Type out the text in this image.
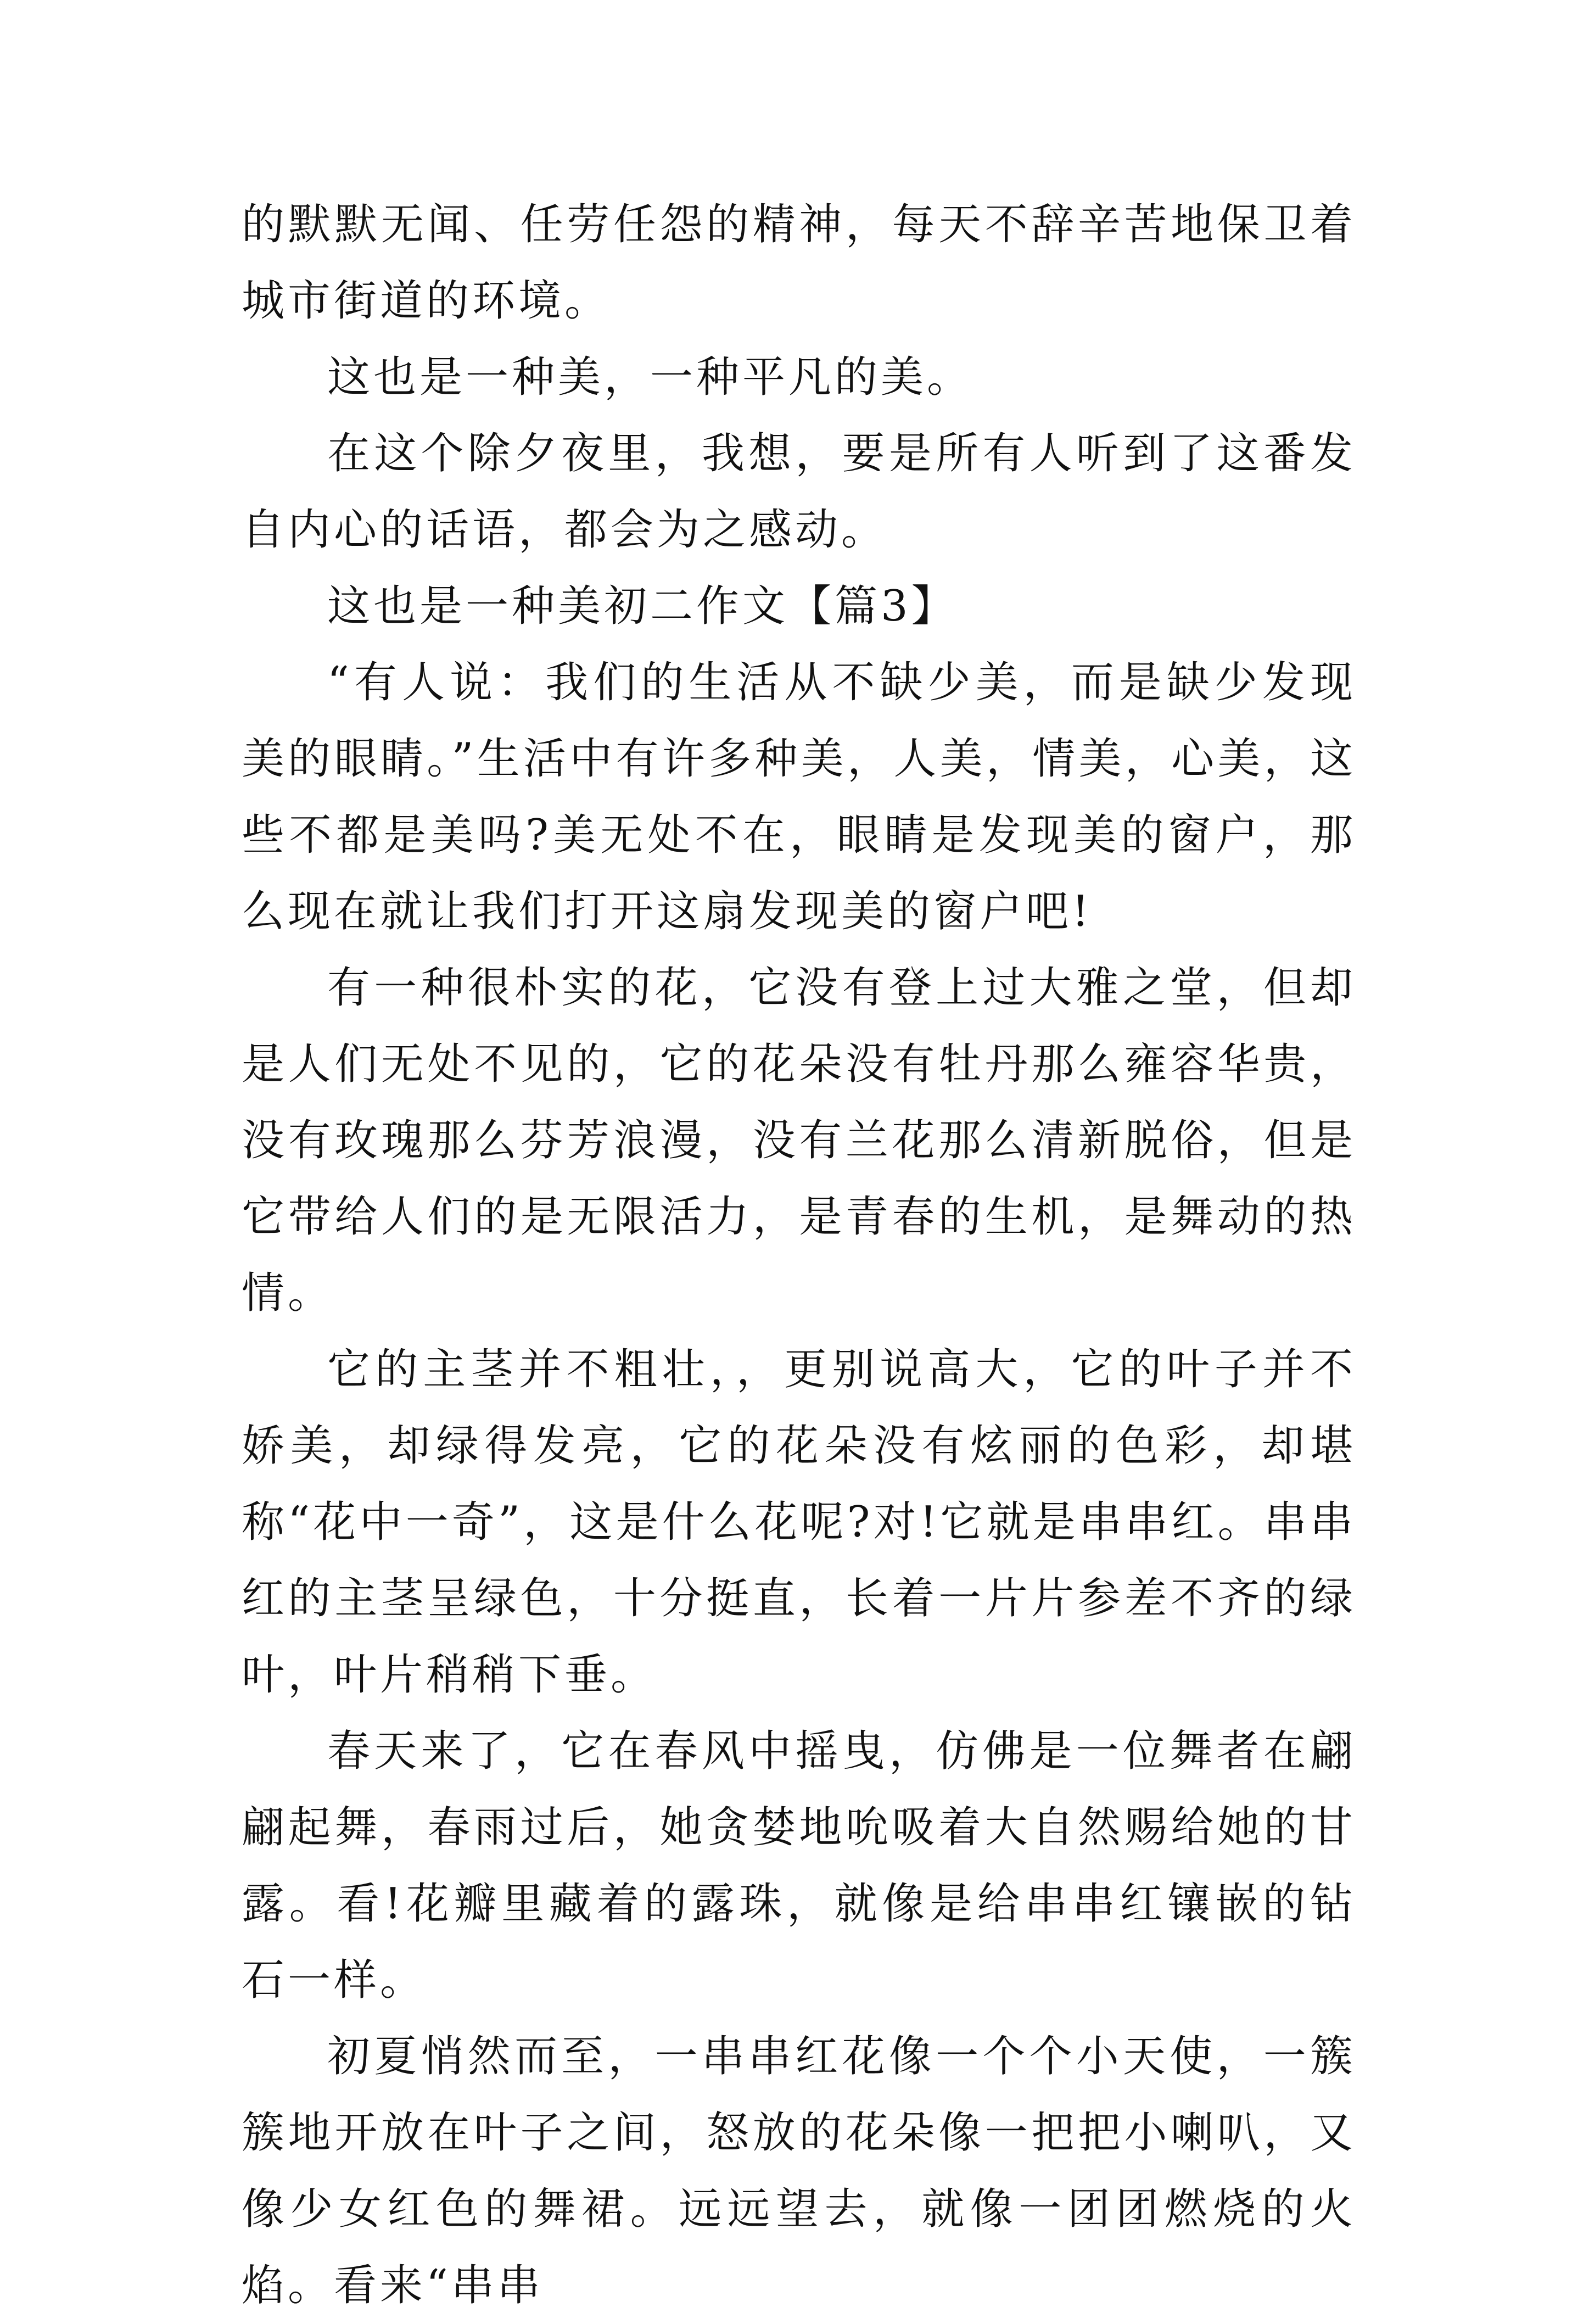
的默默无闻、任劳任怨的精神，每天不辞辛苦地保卫着城市街道的环境。

这也是一种美，一种平凡的美。

在这个除夕夜里，我想，要是所有人听到了这番发自内心的话语，都会为之感动。

这也是一种美初二作文【篇3】

“有人说：我们的生活从不缺少美，而是缺少发现美的眼睛。”生活中有许多种美，人美，情美，心美，这些不都是美吗?美无处不在，眼睛是发现美的窗户，那么现在就让我们打开这扇发现美的窗户吧!

有一种很朴实的花，它没有登上过大雅之堂，但却是人们无处不见的，它的花朵没有牡丹那么雍容华贵，没有玫瑰那么芬芳浪漫，没有兰花那么清新脱俗，但是它带给人们的是无限活力，是青春的生机，是舞动的热情。

它的主茎并不粗壮，，更别说高大，它的叶子并不娇美，却绿得发亮，它的花朵没有炫丽的色彩，却堪称“花中一奇”，这是什么花呢?对!它就是串串红。串串红的主茎呈绿色，十分挺直，长着一片片参差不齐的绿叶，叶片稍稍下垂。

春天来了，它在春风中摇曳，仿佛是一位舞者在翩翩起舞，春雨过后，她贪婪地吮吸着大自然赐给她的甘露。看!花瓣里藏着的露珠，就像是给串串红镶嵌的钻石一样。

初夏悄然而至，一串串红花像一个个小天使，一簇簇地开放在叶子之间，怒放的花朵像一把把小喇叭，又像少女红色的舞裙。远远望去，就像一团团燃烧的火焰。看来“串串
